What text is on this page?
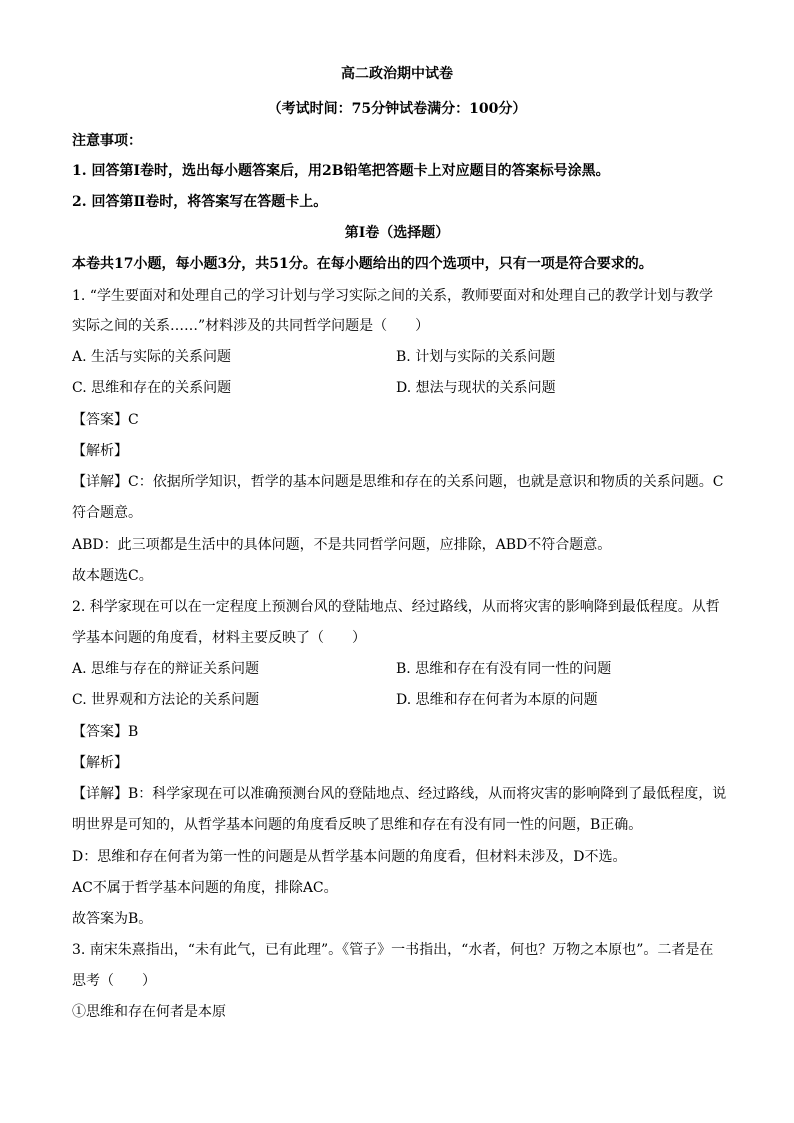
高二政治期中试卷

（考试时间：75分钟试卷满分：100分）

注意事项：

1. 回答第Ⅰ卷时，选出每小题答案后，用2B铅笔把答题卡上对应题目的答案标号涂黑。

2. 回答第Ⅱ卷时，将答案写在答题卡上。

第Ⅰ卷（选择题）

本卷共17小题，每小题3分，共51分。在每小题给出的四个选项中，只有一项是符合要求的。

1. “学生要面对和处理自己的学习计划与学习实际之间的关系，教师要面对和处理自己的教学计划与教学

实际之间的关系……”材料涉及的共同哲学问题是（　　）

A. 生活与实际的关系问题	B. 计划与实际的关系问题
C. 思维和存在的关系问题	D. 想法与现状的关系问题

【答案】C

【解析】

【详解】C：依据所学知识，哲学的基本问题是思维和存在的关系问题，也就是意识和物质的关系问题。C

符合题意。

ABD：此三项都是生活中的具体问题，不是共同哲学问题，应排除，ABD不符合题意。

故本题选C。

2. 科学家现在可以在一定程度上预测台风的登陆地点、经过路线，从而将灾害的影响降到最低程度。从哲

学基本问题的角度看，材料主要反映了（　　）

A. 思维与存在的辩证关系问题	B. 思维和存在有没有同一性的问题
C. 世界观和方法论的关系问题	D. 思维和存在何者为本原的问题

【答案】B

【解析】

【详解】B：科学家现在可以准确预测台风的登陆地点、经过路线，从而将灾害的影响降到了最低程度，说

明世界是可知的，从哲学基本问题的角度看反映了思维和存在有没有同一性的问题，B正确。

D：思维和存在何者为第一性的问题是从哲学基本问题的角度看，但材料未涉及，D不选。

AC不属于哲学基本问题的角度，排除AC。

故答案为B。

3. 南宋朱熹指出，“未有此气，已有此理”。《管子》一书指出，“水者，何也？万物之本原也”。二者是在

思考（　　）

①思维和存在何者是本原
